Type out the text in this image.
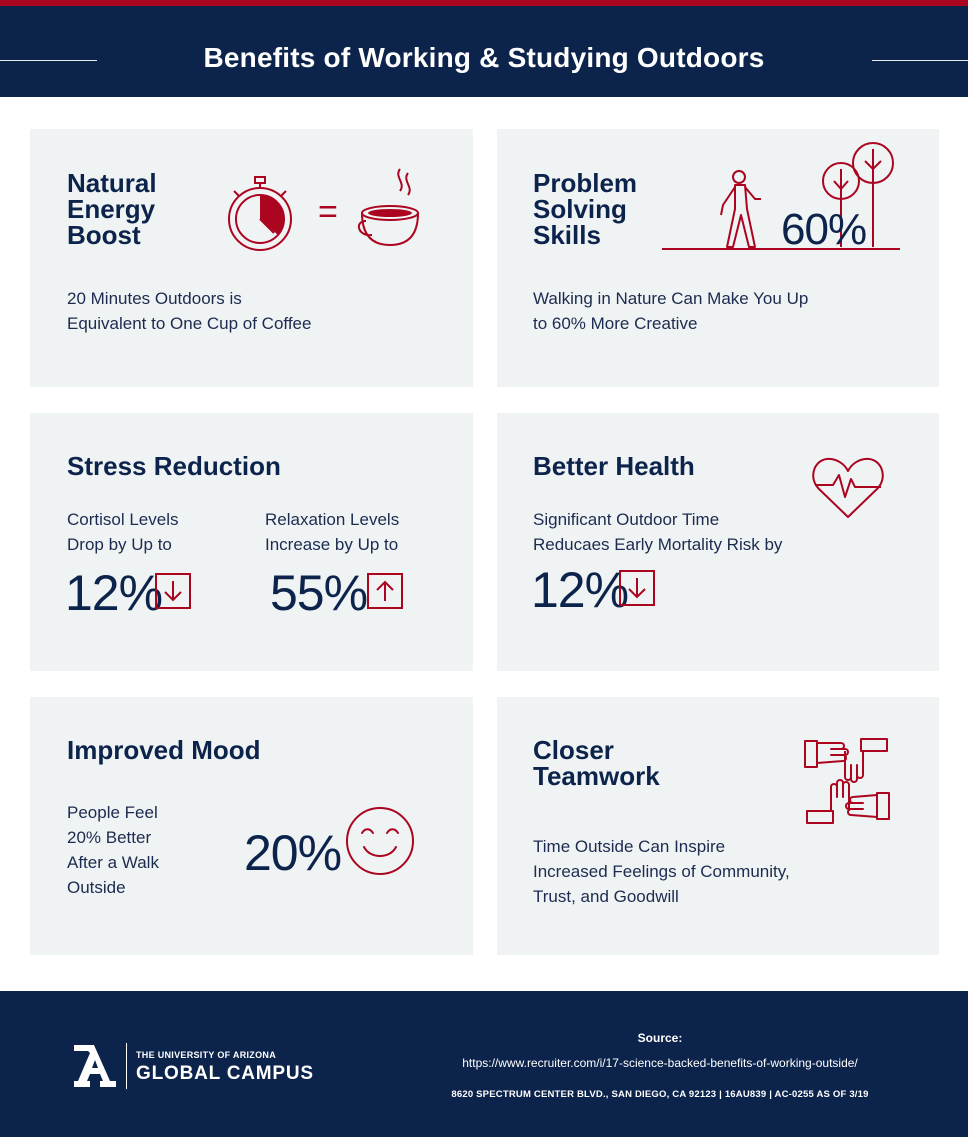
Benefits of Working & Studying Outdoors
Natural
Energy
Boost
=
20 Minutes Outdoors is
Equivalent to One Cup of Coffee
Problem
Solving
Skills	60%
Walking in Nature Can Make You Up
to 60% More Creative
Stress Reduction
Cortisol Levels
Drop by Up to
12%
Relaxation Levels
Increase by Up to
55%
Better Health
Significant Outdoor Time
Reducaes Early Mortality Risk by
12%
Improved Mood
People Feel
20% Better
After a Walk
Outside
20%
Closer
Teamwork
Time Outside Can Inspire
Increased Feelings of Community,
Trust, and Goodwill
THE UNIVERSITY OF ARIZONA
GLOBAL CAMPUS
Source:
https://www.recruiter.com/i/17-science-backed-benefits-of-working-outside/
8620 SPECTRUM CENTER BLVD., SAN DIEGO, CA 92123 | 16AU839 | AC-0255 AS OF 3/19
